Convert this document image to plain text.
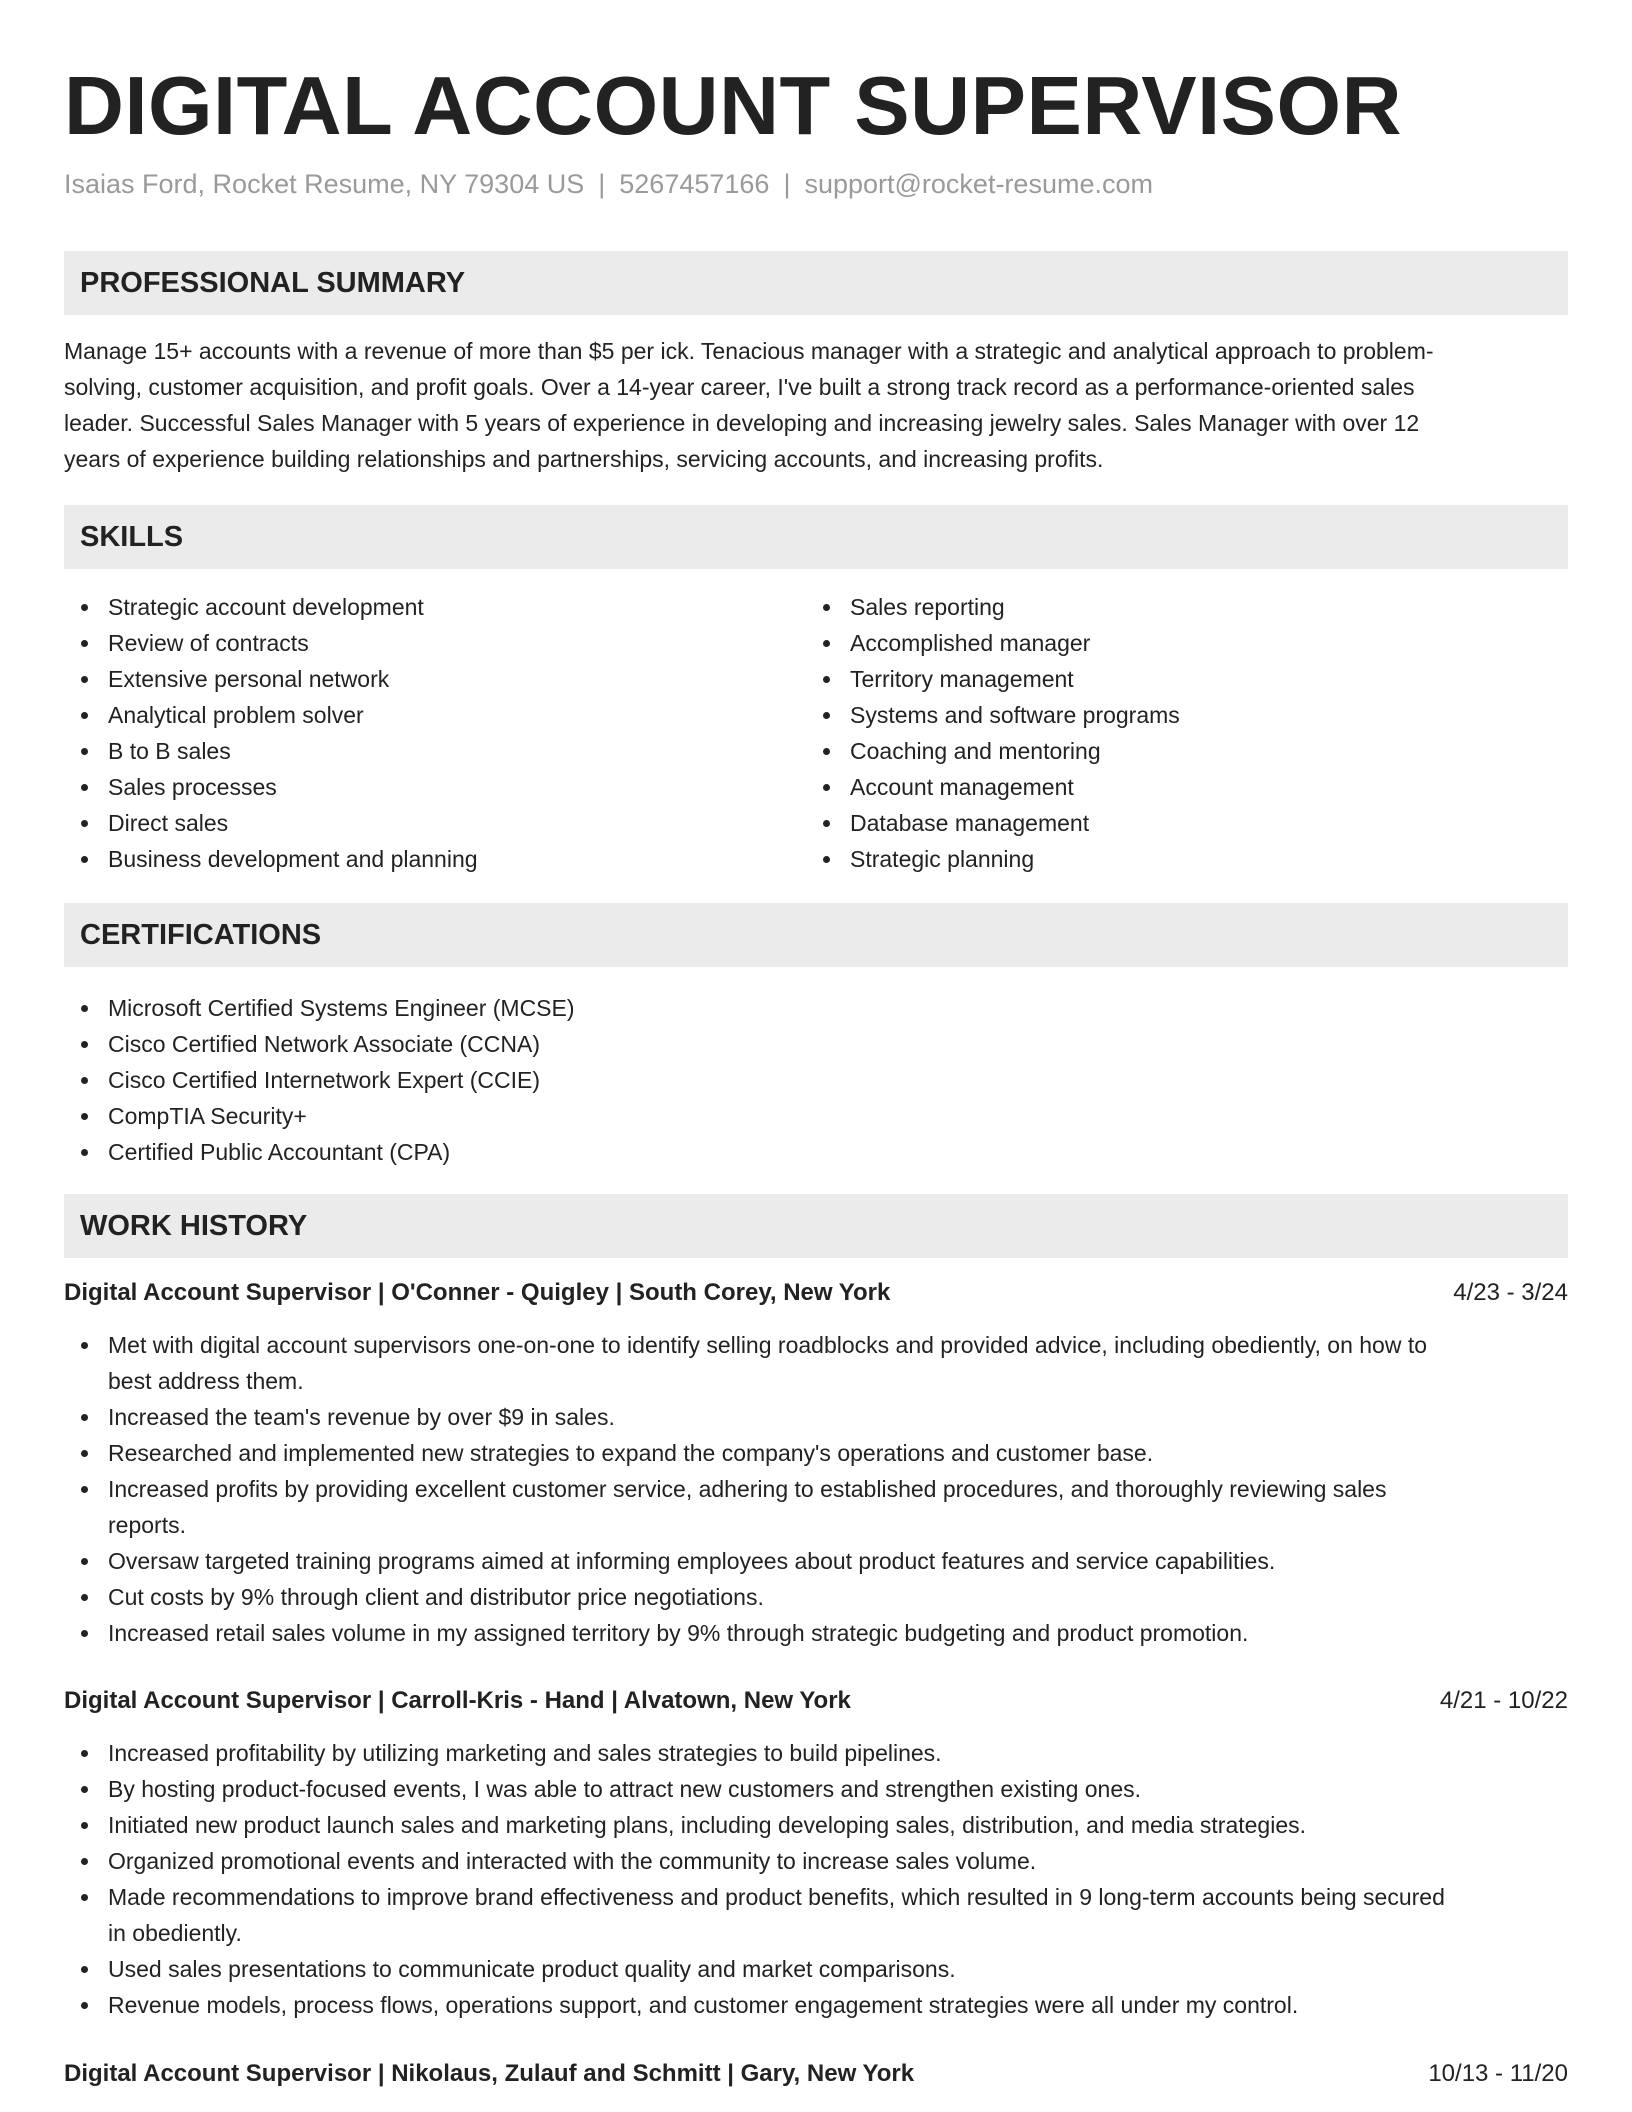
DIGITAL ACCOUNT SUPERVISOR
Isaias Ford, Rocket Resume, NY 79304 US | 5267457166 | support@rocket-resume.com
PROFESSIONAL SUMMARY
Manage 15+ accounts with a revenue of more than $5 per ick. Tenacious manager with a strategic and analytical approach to problem-
solving, customer acquisition, and profit goals. Over a 14-year career, I've built a strong track record as a performance-oriented sales
leader. Successful Sales Manager with 5 years of experience in developing and increasing jewelry sales. Sales Manager with over 12
years of experience building relationships and partnerships, servicing accounts, and increasing profits.
SKILLS
Strategic account development
Review of contracts
Extensive personal network
Analytical problem solver
B to B sales
Sales processes
Direct sales
Business development and planning
Sales reporting
Accomplished manager
Territory management
Systems and software programs
Coaching and mentoring
Account management
Database management
Strategic planning
CERTIFICATIONS
Microsoft Certified Systems Engineer (MCSE)
Cisco Certified Network Associate (CCNA)
Cisco Certified Internetwork Expert (CCIE)
CompTIA Security+
Certified Public Accountant (CPA)
WORK HISTORY
Digital Account Supervisor | O'Conner - Quigley | South Corey, New York	4/23 - 3/24
Met with digital account supervisors one-on-one to identify selling roadblocks and provided advice, including obediently, on how to
best address them.
Increased the team's revenue by over $9 in sales.
Researched and implemented new strategies to expand the company's operations and customer base.
Increased profits by providing excellent customer service, adhering to established procedures, and thoroughly reviewing sales
reports.
Oversaw targeted training programs aimed at informing employees about product features and service capabilities.
Cut costs by 9% through client and distributor price negotiations.
Increased retail sales volume in my assigned territory by 9% through strategic budgeting and product promotion.
Digital Account Supervisor | Carroll-Kris - Hand | Alvatown, New York	4/21 - 10/22
Increased profitability by utilizing marketing and sales strategies to build pipelines.
By hosting product-focused events, I was able to attract new customers and strengthen existing ones.
Initiated new product launch sales and marketing plans, including developing sales, distribution, and media strategies.
Organized promotional events and interacted with the community to increase sales volume.
Made recommendations to improve brand effectiveness and product benefits, which resulted in 9 long-term accounts being secured
in obediently.
Used sales presentations to communicate product quality and market comparisons.
Revenue models, process flows, operations support, and customer engagement strategies were all under my control.
Digital Account Supervisor | Nikolaus, Zulauf and Schmitt | Gary, New York	10/13 - 11/20
